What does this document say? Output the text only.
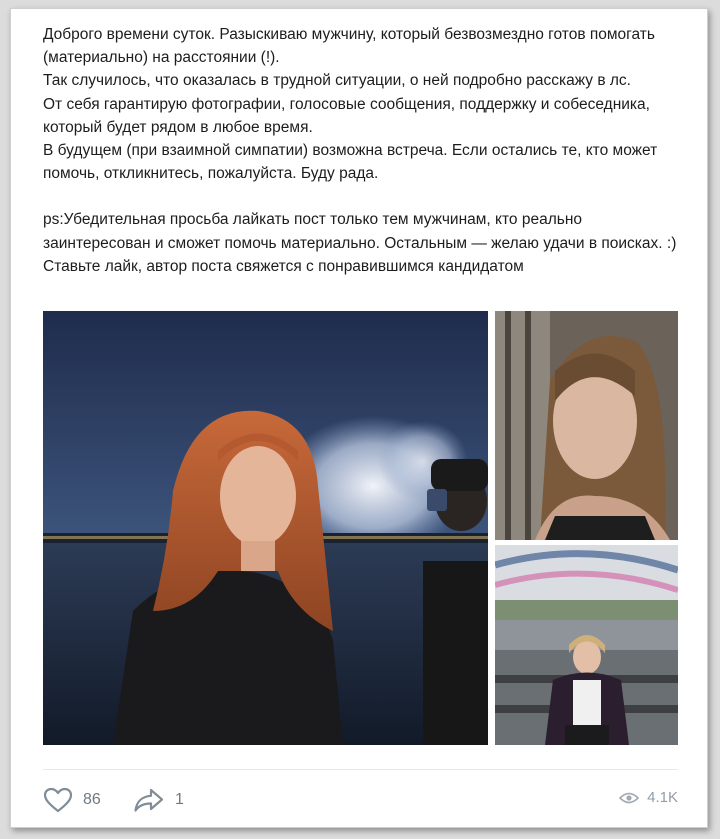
Доброго времени суток. Разыскиваю мужчину, который безвозмездно готов помогать (материально) на расстоянии (!).

Так случилось, что оказалась в трудной ситуации, о ней подробно расскажу в лс.

От себя гарантирую фотографии, голосовые сообщения, поддержку и собеседника, который будет рядом в любое время.

В будущем (при взаимной симпатии) возможна встреча. Если остались те, кто может помочь, откликнитесь, пожалуйста. Буду рада.

ps:Убедительная просьба лайкать пост только тем мужчинам, кто реально заинтересован и сможет помочь материально. Остальным — желаю удачи в поисках. :)

Ставьте лайк, автор поста свяжется с понравившимся кандидатом

86	1	4.1K
